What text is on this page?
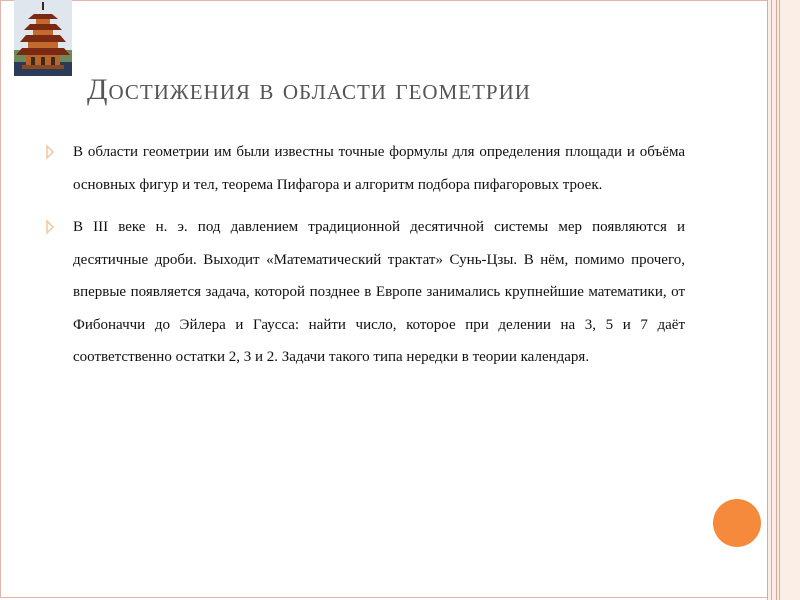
Достижения в области геометрии
В области геометрии им были известны точные формулы для определения площади и объёма основных фигур и тел, теорема Пифагора и алгоритм подбора пифагоровых троек.
В III веке н. э. под давлением традиционной десятичной системы мер появляются и десятичные дроби. Выходит «Математический трактат» Сунь-Цзы. В нём, помимо прочего, впервые появляется задача, которой позднее в Европе занимались крупнейшие математики, от Фибоначчи до Эйлера и Гаусса: найти число, которое при делении на 3, 5 и 7 даёт соответственно остатки 2, 3 и 2. Задачи такого типа нередки в теории календаря.
